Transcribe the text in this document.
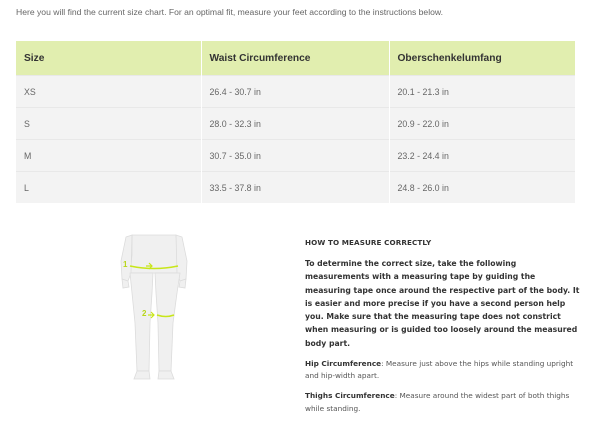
Here you will find the current size chart. For an optimal fit, measure your feet according to the instructions below.
Size	Waist Circumference	Oberschenkelumfang
XS	26.4 - 30.7 in	20.1 - 21.3 in
S	28.0 - 32.3 in	20.9 - 22.0 in
M	30.7 - 35.0 in	23.2 - 24.4 in
L	33.5 - 37.8 in	24.8 - 26.0 in
1
2
HOW TO MEASURE CORRECTLY

To determine the correct size, take the following measurements with a measuring tape by guiding the measuring tape once around the respective part of the body. It is easier and more precise if you have a second person help you. Make sure that the measuring tape does not constrict when measuring or is guided too loosely around the measured body part.

Hip Circumference: Measure just above the hips while standing upright and hip-width apart.

Thighs Circumference: Measure around the widest part of both thighs while standing.
